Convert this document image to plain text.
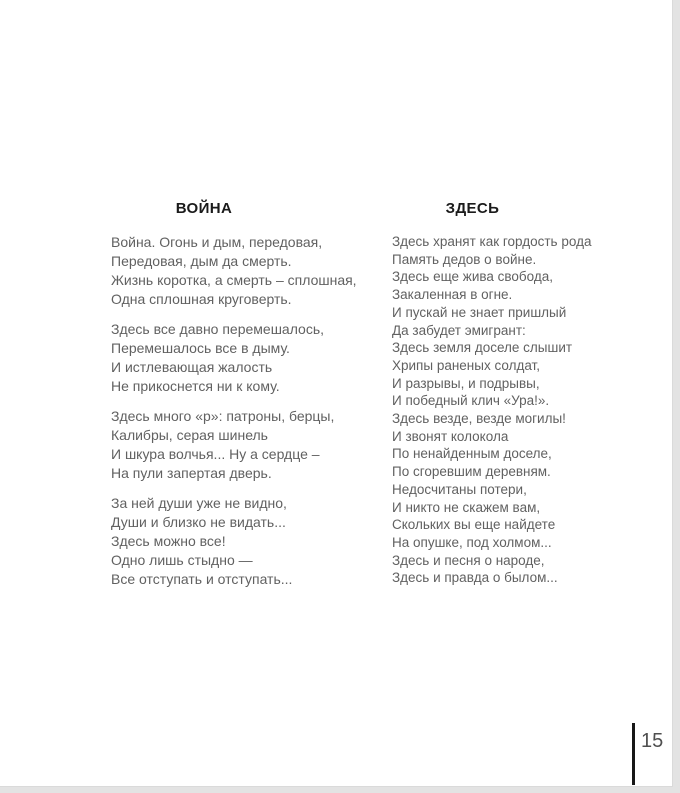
ВОЙНА
Война. Огонь и дым, передовая,
Передовая, дым да смерть.
Жизнь коротка, а смерть – сплошная,
Одна сплошная круговерть.
Здесь все давно перемешалось,
Перемешалось все в дыму.
И истлевающая жалость
Не прикоснется ни к кому.
Здесь много «р»: патроны, берцы,
Калибры, серая шинель
И шкура волчья... Ну а сердце –
На пули запертая дверь.
За ней души уже не видно,
Души и близко не видать...
Здесь можно все!
Одно лишь стыдно —
Все отступать и отступать...
ЗДЕСЬ
Здесь хранят как гордость рода
Память дедов о войне.
Здесь еще жива свобода,
Закаленная в огне.
И пускай не знает пришлый
Да забудет эмигрант:
Здесь земля доселе слышит
Хрипы раненых солдат,
И разрывы, и подрывы,
И победный клич «Ура!».
Здесь везде, везде могилы!
И звонят колокола
По ненайденным доселе,
По сгоревшим деревням.
Недосчитаны потери,
И никто не скажем вам,
Скольких вы еще найдете
На опушке, под холмом...
Здесь и песня о народе,
Здесь и правда о былом...
15
